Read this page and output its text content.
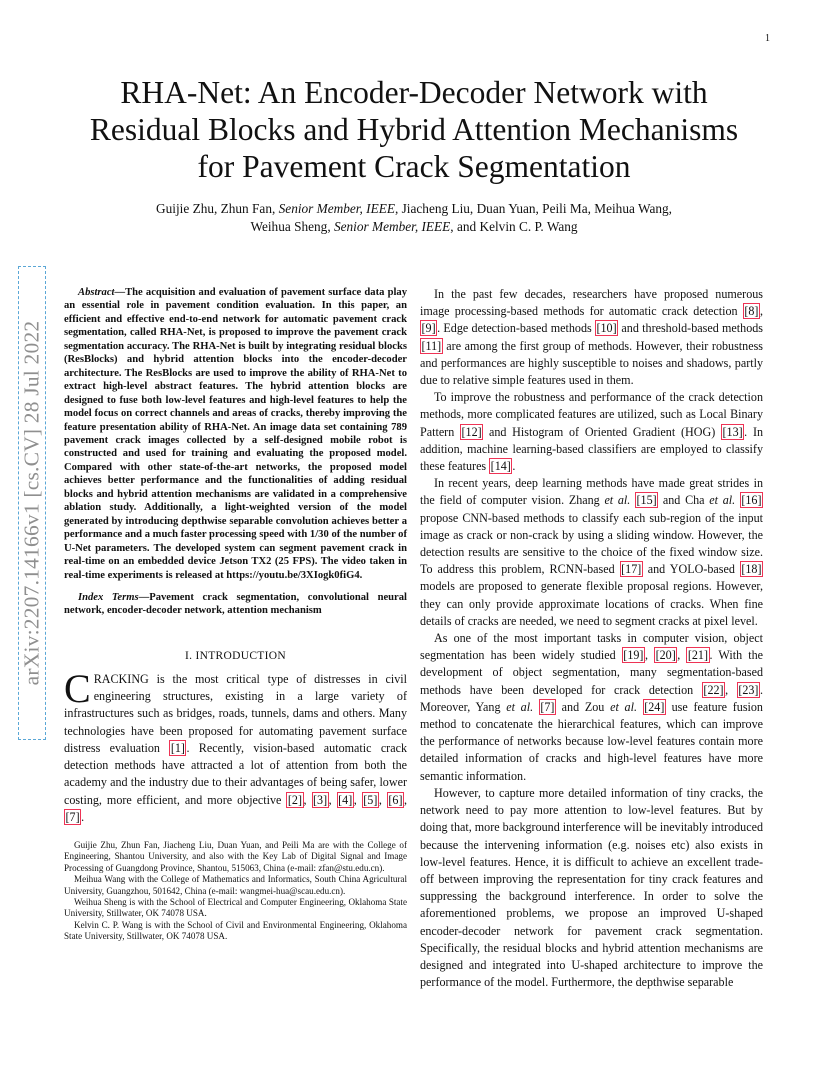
1
arXiv:2207.14166v1 [cs.CV] 28 Jul 2022
RHA-Net: An Encoder-Decoder Network with
Residual Blocks and Hybrid Attention Mechanisms
for Pavement Crack Segmentation
Guijie Zhu, Zhun Fan, Senior Member, IEEE, Jiacheng Liu, Duan Yuan, Peili Ma, Meihua Wang,
Weihua Sheng, Senior Member, IEEE, and Kelvin C. P. Wang

Abstract—The acquisition and evaluation of pavement surface data play an essential role in pavement condition evaluation. In this paper, an efficient and effective end-to-end network for automatic pavement crack segmentation, called RHA-Net, is proposed to improve the pavement crack segmentation accuracy. The RHA-Net is built by integrating residual blocks (ResBlocks) and hybrid attention blocks into the encoder-decoder architecture. The ResBlocks are used to improve the ability of RHA-Net to extract high-level abstract features. The hybrid attention blocks are designed to fuse both low-level features and high-level features to help the model focus on correct channels and areas of cracks, thereby improving the feature presentation ability of RHA-Net. An image data set containing 789 pavement crack images collected by a self-designed mobile robot is constructed and used for training and evaluating the proposed model. Compared with other state-of-the-art networks, the proposed model achieves better performance and the functionalities of adding residual blocks and hybrid attention mechanisms are validated in a comprehensive ablation study. Additionally, a light-weighted version of the model generated by introducing depthwise separable convolution achieves better a performance and a much faster processing speed with 1/30 of the number of U-Net parameters. The developed system can segment pavement crack in real-time on an embedded device Jetson TX2 (25 FPS). The video taken in real-time experiments is released at https://youtu.be/3XIogk0fiG4.

Index Terms—Pavement crack segmentation, convolutional neural network, encoder-decoder network, attention mechanism

I. INTRODUCTION

CRACKING is the most critical type of distresses in civil engineering structures, existing in a large variety of infrastructures such as bridges, roads, tunnels, dams and others. Many technologies have been proposed for automating pavement surface distress evaluation [1] . Recently, vision-based automatic crack detection methods have attracted a lot of attention from both the academy and the industry due to their advantages of being safer, lower costing, more efficient, and more objective [2] , [3] , [4] , [5] , [6] , [7] .

Guijie Zhu, Zhun Fan, Jiacheng Liu, Duan Yuan, and Peili Ma are with the College of Engineering, Shantou University, and also with the Key Lab of Digital Signal and Image Processing of Guangdong Province, Shantou, 515063, China (e-mail: zfan@stu.edu.cn).

Meihua Wang with the College of Mathematics and Informatics, South China Agricultural University, Guangzhou, 501642, China (e-mail: wangmei-hua@scau.edu.cn).

Weihua Sheng is with the School of Electrical and Computer Engineering, Oklahoma State University, Stillwater, OK 74078 USA.

Kelvin C. P. Wang is with the School of Civil and Environmental Engineering, Oklahoma State University, Stillwater, OK 74078 USA.

In the past few decades, researchers have proposed numerous image processing-based methods for automatic crack detection [8] , [9] . Edge detection-based methods [10] and threshold-based methods [11] are among the first group of methods. However, their robustness and performances are highly susceptible to noises and shadows, partly due to relative simple features used in them.

To improve the robustness and performance of the crack detection methods, more complicated features are utilized, such as Local Binary Pattern [12] and Histogram of Oriented Gradient (HOG) [13] . In addition, machine learning-based classifiers are employed to classify these features [14] .

In recent years, deep learning methods have made great strides in the field of computer vision. Zhang et al. [15] and Cha et al. [16] propose CNN-based methods to classify each sub-region of the input image as crack or non-crack by using a sliding window. However, the detection results are sensitive to the choice of the fixed window size. To address this problem, RCNN-based [17] and YOLO-based [18] models are proposed to generate flexible proposal regions. However, they can only provide approximate locations of cracks. When fine details of cracks are needed, we need to segment cracks at pixel level.

As one of the most important tasks in computer vision, object segmentation has been widely studied [19] , [20] , [21] . With the development of object segmentation, many segmentation-based methods have been developed for crack detection [22] , [23] . Moreover, Yang et al. [7] and Zou et al. [24] use feature fusion method to concatenate the hierarchical features, which can improve the performance of networks because low-level features contain more detailed information of cracks and high-level features have more semantic information.

However, to capture more detailed information of tiny cracks, the network need to pay more attention to low-level features. But by doing that, more background interference will be inevitably introduced because the intervening information (e.g. noises etc) also exists in low-level features. Hence, it is difficult to achieve an excellent trade-off between improving the representation for tiny crack features and suppressing the background interference. In order to solve the aforementioned problems, we propose an improved U-shaped encoder-decoder network for pavement crack segmentation. Specifically, the residual blocks and hybrid attention mechanisms are designed and integrated into U-shaped architecture to improve the performance of the model. Furthermore, the depthwise separable
